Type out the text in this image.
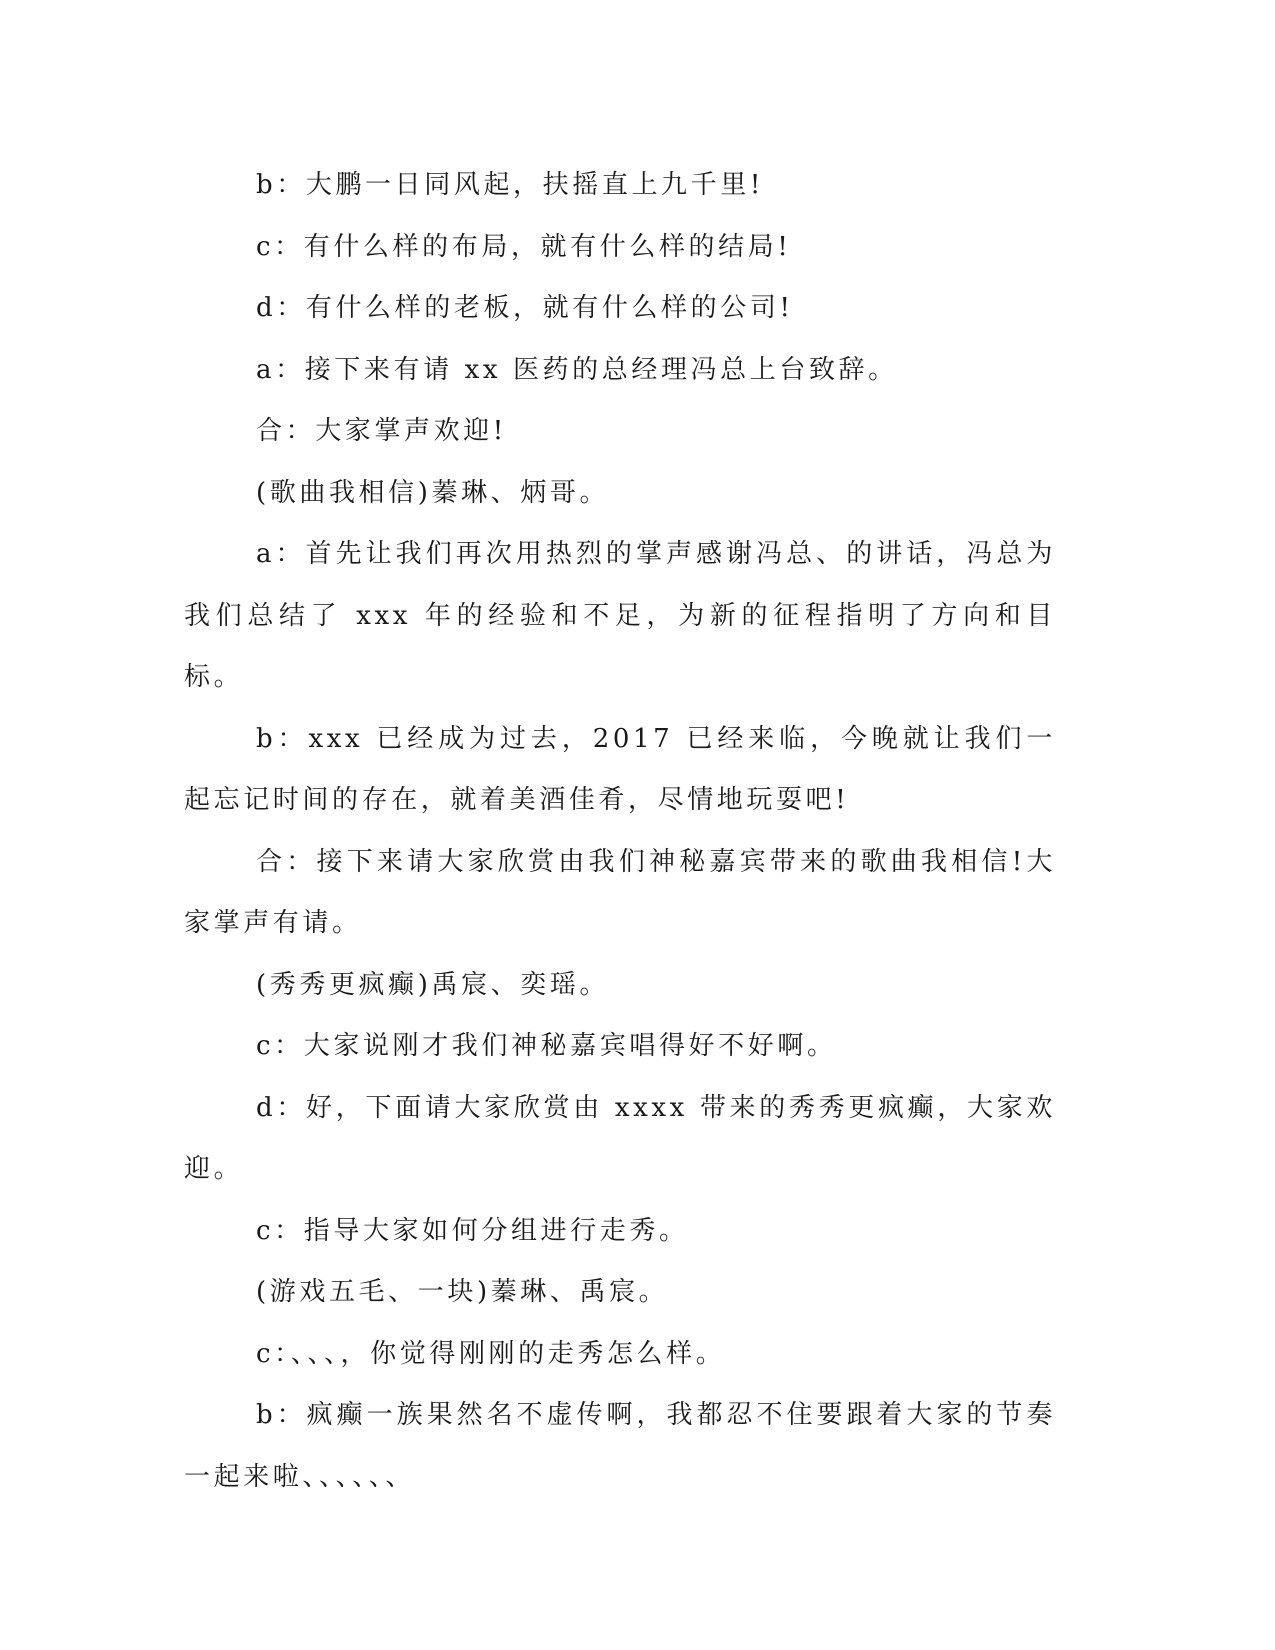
b：大鹏一日同风起，扶摇直上九千里!

c：有什么样的布局，就有什么样的结局!

d：有什么样的老板，就有什么样的公司!

a：接下来有请 xx 医药的总经理冯总上台致辞。

合：大家掌声欢迎!

(歌曲我相信)蓁琳、炳哥。

a：首先让我们再次用热烈的掌声感谢冯总、的讲话，冯总为我们总结了 xxx 年的经验和不足，为新的征程指明了方向和目标。

b：xxx 已经成为过去，2017 已经来临，今晚就让我们一起忘记时间的存在，就着美酒佳肴，尽情地玩耍吧!

合：接下来请大家欣赏由我们神秘嘉宾带来的歌曲我相信!大家掌声有请。

(秀秀更疯癫)禹宸、奕瑶。

c：大家说刚才我们神秘嘉宾唱得好不好啊。

d：好，下面请大家欣赏由 xxxx 带来的秀秀更疯癫，大家欢迎。

c：指导大家如何分组进行走秀。

(游戏五毛、一块)蓁琳、禹宸。

c：、、、，你觉得刚刚的走秀怎么样。

b：疯癫一族果然名不虚传啊，我都忍不住要跟着大家的节奏一起来啦、、、、、、
